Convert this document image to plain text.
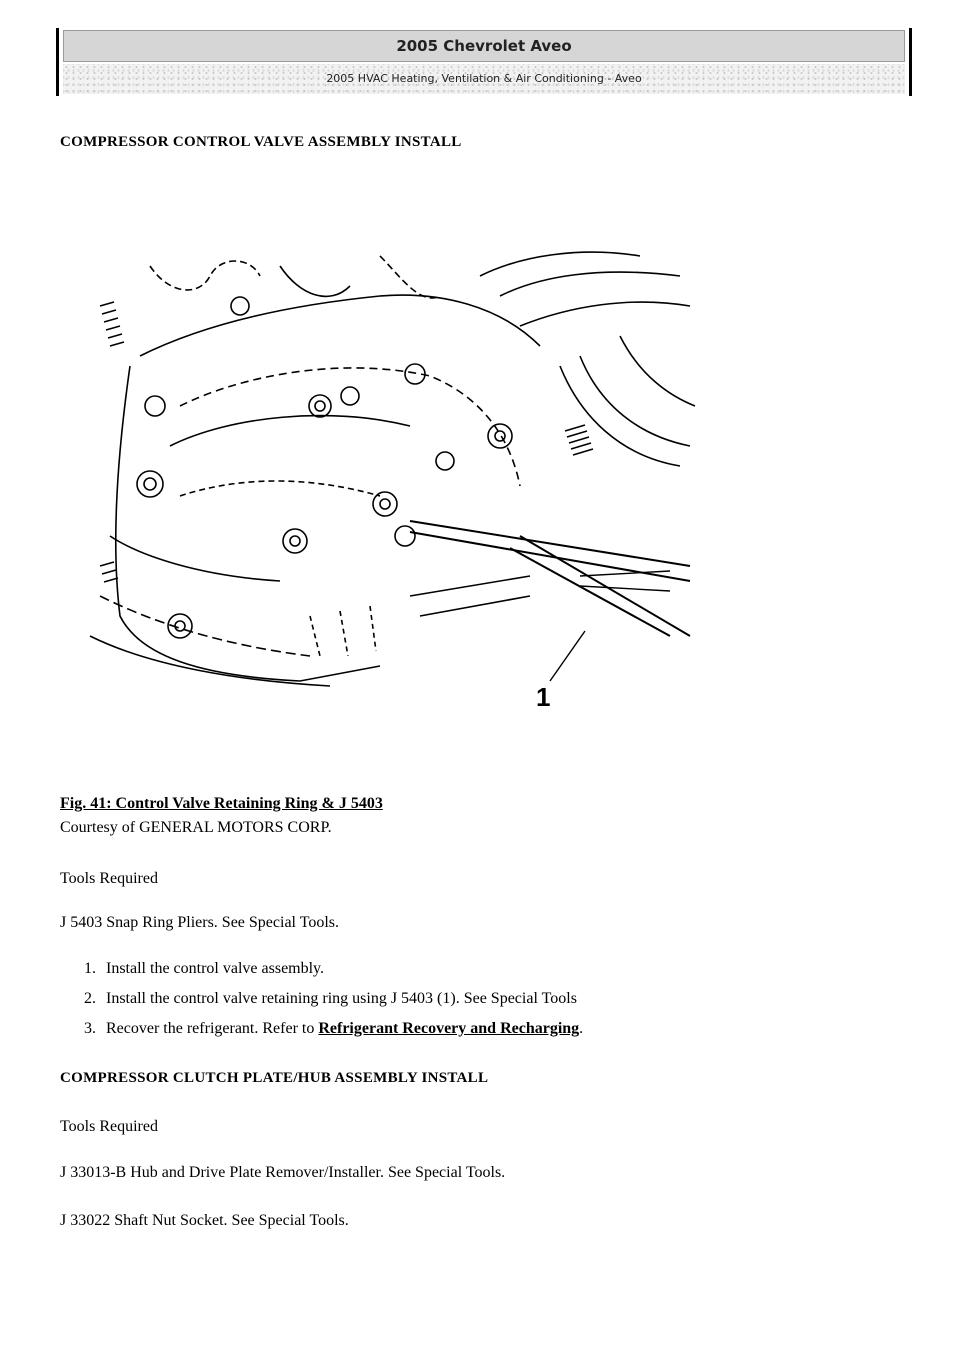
2005 Chevrolet Aveo
2005 HVAC Heating, Ventilation & Air Conditioning - Aveo
COMPRESSOR CONTROL VALVE ASSEMBLY INSTALL
1
Fig. 41: Control Valve Retaining Ring & J 5403
Courtesy of GENERAL MOTORS CORP.
Tools Required
J 5403 Snap Ring Pliers. See Special Tools.
1. Install the control valve assembly.
2. Install the control valve retaining ring using J 5403 (1). See Special Tools
3. Recover the refrigerant. Refer to Refrigerant Recovery and Recharging.
COMPRESSOR CLUTCH PLATE/HUB ASSEMBLY INSTALL
Tools Required
J 33013-B Hub and Drive Plate Remover/Installer. See Special Tools.
J 33022 Shaft Nut Socket. See Special Tools.
